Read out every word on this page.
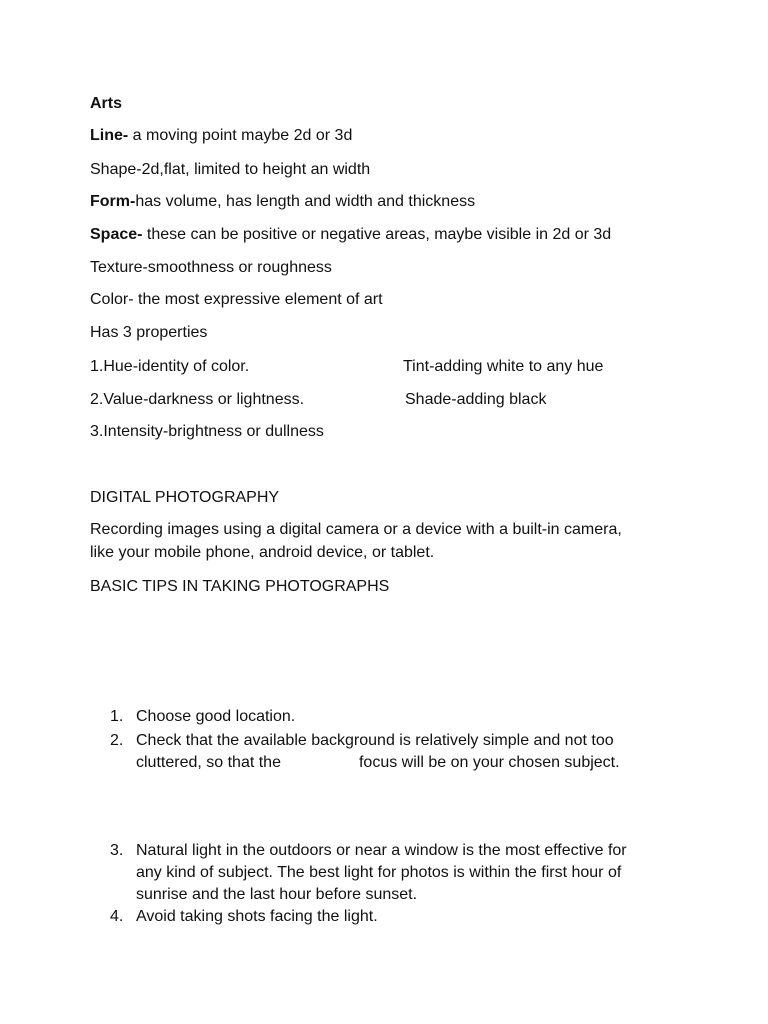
Arts
Line- a moving point maybe 2d or 3d
Shape-2d,flat, limited to height an width
Form-has volume, has length and width and thickness
Space- these can be positive or negative areas, maybe visible in 2d or 3d
Texture-smoothness or roughness
Color- the most expressive element of art
Has 3 properties
1.Hue-identity of color.	Tint-adding white to any hue
2.Value-darkness or lightness.	Shade-adding black
3.Intensity-brightness or dullness
DIGITAL PHOTOGRAPHY
Recording images using a digital camera or a device with a built-in camera,
like your mobile phone, android device, or tablet.
BASIC TIPS IN TAKING PHOTOGRAPHS
1. Choose good location.
2. Check that the available background is relatively simple and not too
cluttered, so that the	focus will be on your chosen subject.
3. Natural light in the outdoors or near a window is the most effective for
any kind of subject. The best light for photos is within the first hour of
sunrise and the last hour before sunset.
4. Avoid taking shots facing the light.
